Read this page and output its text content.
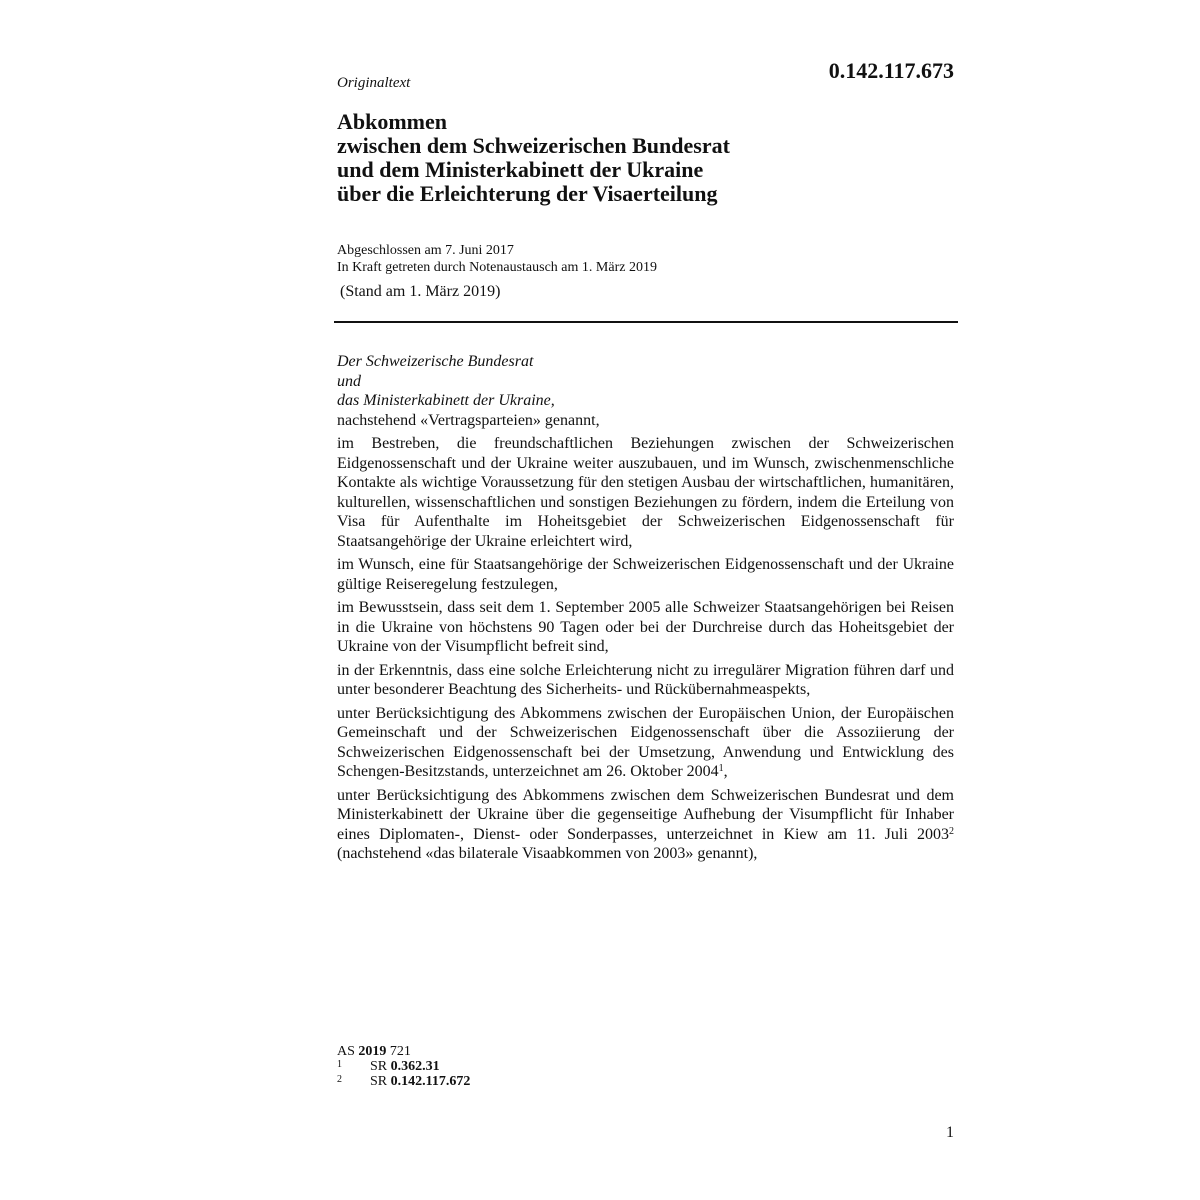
0.142.117.673
Originaltext
Abkommen
zwischen dem Schweizerischen Bundesrat
und dem Ministerkabinett der Ukraine
über die Erleichterung der Visaerteilung
Abgeschlossen am 7. Juni 2017
In Kraft getreten durch Notenaustausch am 1. März 2019
(Stand am 1. März 2019)
Der Schweizerische Bundesrat
und
das Ministerkabinett der Ukraine,
nachstehend «Vertragsparteien» genannt,
im Bestreben, die freundschaftlichen Beziehungen zwischen der Schweizerischen Eidgenossenschaft und der Ukraine weiter auszubauen, und im Wunsch, zwischenmenschliche Kontakte als wichtige Voraussetzung für den stetigen Ausbau der wirtschaftlichen, humanitären, kulturellen, wissenschaftlichen und sonstigen Beziehungen zu fördern, indem die Erteilung von Visa für Aufenthalte im Hoheitsgebiet der Schweizerischen Eidgenossenschaft für Staatsangehörige der Ukraine erleichtert wird,
im Wunsch, eine für Staatsangehörige der Schweizerischen Eidgenossenschaft und der Ukraine gültige Reiseregelung festzulegen,
im Bewusstsein, dass seit dem 1. September 2005 alle Schweizer Staatsangehörigen bei Reisen in die Ukraine von höchstens 90 Tagen oder bei der Durchreise durch das Hoheitsgebiet der Ukraine von der Visumpflicht befreit sind,
in der Erkenntnis, dass eine solche Erleichterung nicht zu irregulärer Migration führen darf und unter besonderer Beachtung des Sicherheits- und Rückübernahmeaspekts,
unter Berücksichtigung des Abkommens zwischen der Europäischen Union, der Europäischen Gemeinschaft und der Schweizerischen Eidgenossenschaft über die Assoziierung der Schweizerischen Eidgenossenschaft bei der Umsetzung, Anwendung und Entwicklung des Schengen-Besitzstands, unterzeichnet am 26. Oktober 2004$^1$,
unter Berücksichtigung des Abkommens zwischen dem Schweizerischen Bundesrat und dem Ministerkabinett der Ukraine über die gegenseitige Aufhebung der Visumpflicht für Inhaber eines Diplomaten-, Dienst- oder Sonderpasses, unterzeichnet in Kiew am 11. Juli 2003$^2$ (nachstehend «das bilaterale Visaabkommen von 2003» genannt),
AS 2019 721
1	SR 0.362.31
2	SR 0.142.117.672
1
